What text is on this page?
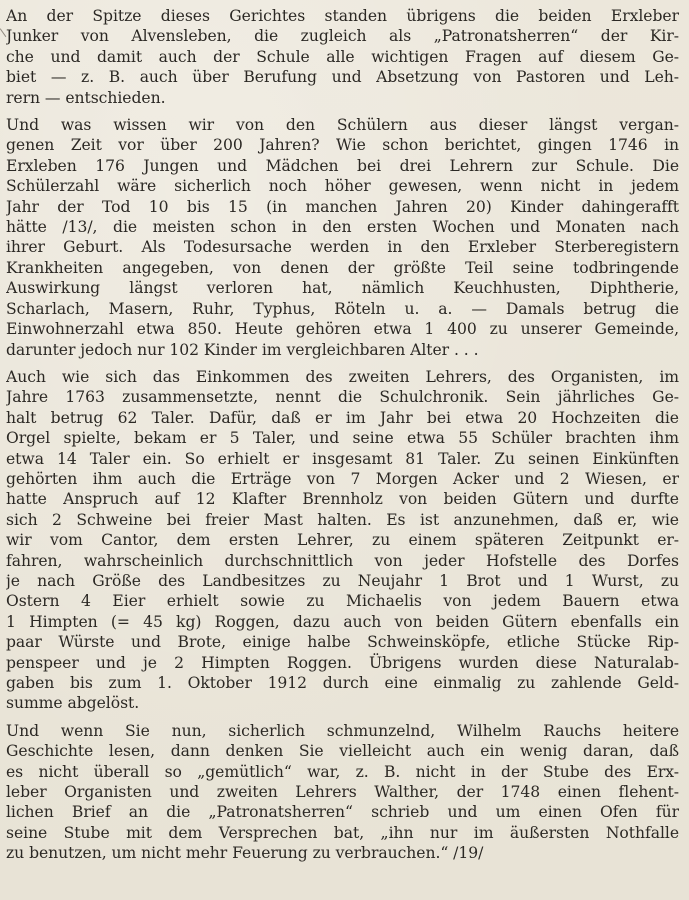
An der Spitze dieses Gerichtes standen übrigens die beiden Erxleber
Junker von Alvensleben, die zugleich als „Patronatsherren“ der Kir-
che und damit auch der Schule alle wichtigen Fragen auf diesem Ge-
biet — z. B. auch über Berufung und Absetzung von Pastoren und Leh-
rern — entschieden.

Und was wissen wir von den Schülern aus dieser längst vergan-
genen Zeit vor über 200 Jahren? Wie schon berichtet, gingen 1746 in
Erxleben 176 Jungen und Mädchen bei drei Lehrern zur Schule. Die
Schülerzahl wäre sicherlich noch höher gewesen, wenn nicht in jedem
Jahr der Tod 10 bis 15 (in manchen Jahren 20) Kinder dahingerafft
hätte /13/, die meisten schon in den ersten Wochen und Monaten nach
ihrer Geburt. Als Todesursache werden in den Erxleber Sterberegistern
Krankheiten angegeben, von denen der größte Teil seine todbringende
Auswirkung längst verloren hat, nämlich Keuchhusten, Diphtherie,
Scharlach, Masern, Ruhr, Typhus, Röteln u. a. — Damals betrug die
Einwohnerzahl etwa 850. Heute gehören etwa 1 400 zu unserer Gemeinde,
darunter jedoch nur 102 Kinder im vergleichbaren Alter . . .

Auch wie sich das Einkommen des zweiten Lehrers, des Organisten, im
Jahre 1763 zusammensetzte, nennt die Schulchronik. Sein jährliches Ge-
halt betrug 62 Taler. Dafür, daß er im Jahr bei etwa 20 Hochzeiten die
Orgel spielte, bekam er 5 Taler, und seine etwa 55 Schüler brachten ihm
etwa 14 Taler ein. So erhielt er insgesamt 81 Taler. Zu seinen Einkünften
gehörten ihm auch die Erträge von 7 Morgen Acker und 2 Wiesen, er
hatte Anspruch auf 12 Klafter Brennholz von beiden Gütern und durfte
sich 2 Schweine bei freier Mast halten. Es ist anzunehmen, daß er, wie
wir vom Cantor, dem ersten Lehrer, zu einem späteren Zeitpunkt er-
fahren, wahrscheinlich durchschnittlich von jeder Hofstelle des Dorfes
je nach Größe des Landbesitzes zu Neujahr 1 Brot und 1 Wurst, zu
Ostern 4 Eier erhielt sowie zu Michaelis von jedem Bauern etwa
1 Himpten (= 45 kg) Roggen, dazu auch von beiden Gütern ebenfalls ein
paar Würste und Brote, einige halbe Schweinsköpfe, etliche Stücke Rip-
penspeer und je 2 Himpten Roggen. Übrigens wurden diese Naturalab-
gaben bis zum 1. Oktober 1912 durch eine einmalig zu zahlende Geld-
summe abgelöst.

Und wenn Sie nun, sicherlich schmunzelnd, Wilhelm Rauchs heitere
Geschichte lesen, dann denken Sie vielleicht auch ein wenig daran, daß
es nicht überall so „gemütlich“ war, z. B. nicht in der Stube des Erx-
leber Organisten und zweiten Lehrers Walther, der 1748 einen flehent-
lichen Brief an die „Patronatsherren“ schrieb und um einen Ofen für
seine Stube mit dem Versprechen bat, „ihn nur im äußersten Nothfalle
zu benutzen, um nicht mehr Feuerung zu verbrauchen.“ /19/
